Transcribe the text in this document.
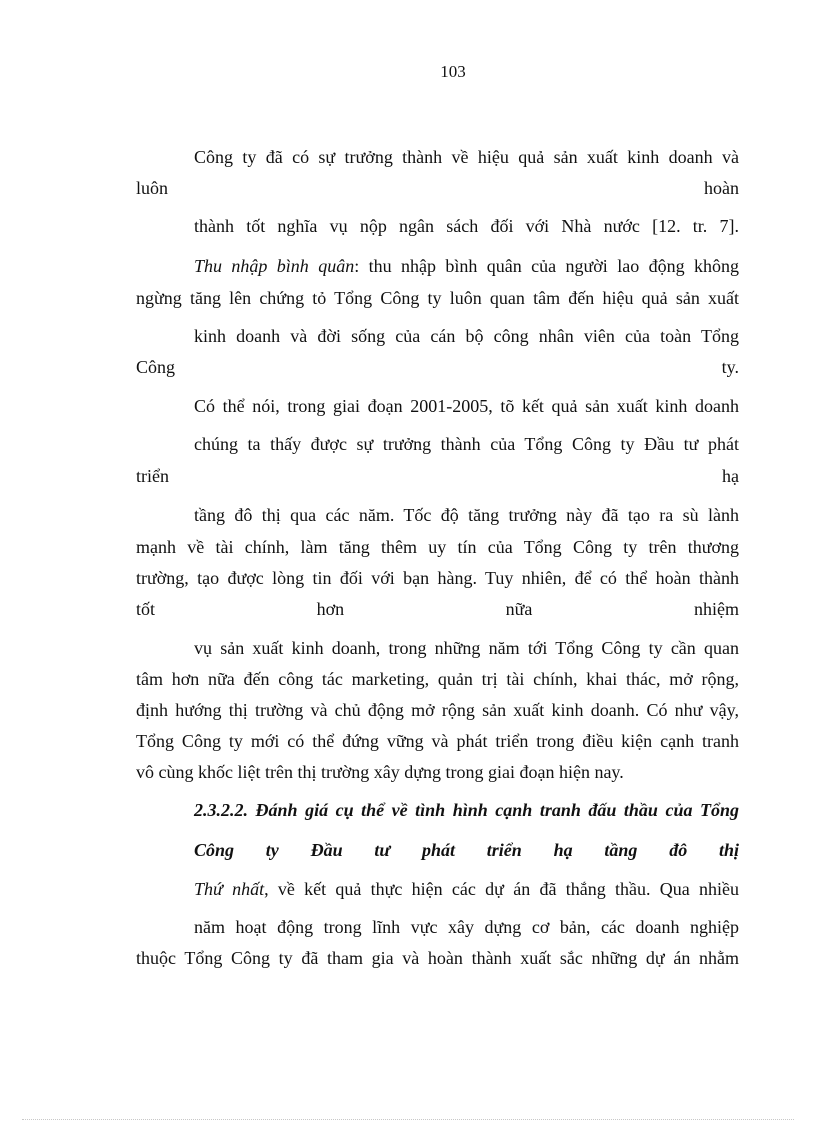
103
Công ty đã có sự trưởng thành về hiệu quả sản xuất kinh doanh và
luôn hoàn
thành tốt nghĩa vụ nộp ngân sách đối với Nhà nước [12. tr. 7].
Thu nhập bình quân: thu nhập bình quân của người lao động không
ngừng tăng lên chứng tỏ Tổng Công ty luôn quan tâm đến hiệu quả sản xuất
kinh doanh và đời sống của cán bộ công nhân viên của toàn Tổng
Công ty.
Có thể nói, trong giai đoạn 2001-2005, tõ kết quả sản xuất kinh doanh
chúng ta thấy được sự trưởng thành của Tổng Công ty Đầu tư phát
triển hạ
tầng đô thị qua các năm. Tốc độ tăng trưởng này đã tạo ra sù lành
mạnh về tài chính, làm tăng thêm uy tín của Tổng Công ty trên thương
trường, tạo được lòng tin đối với bạn hàng. Tuy nhiên, để có thể hoàn thành
tốt hơn nữa nhiệm
vụ sản xuất kinh doanh, trong những năm tới Tổng Công ty cần quan
tâm hơn nữa đến công tác marketing, quản trị tài chính, khai thác, mở rộng,
định hướng thị trường và chủ động mở rộng sản xuất kinh doanh. Có như vậy,
Tổng Công ty mới có thể đứng vững và phát triển trong điều kiện cạnh tranh
vô cùng khốc liệt trên thị trường xây dựng trong giai đoạn hiện nay.
2.3.2.2. Đánh giá cụ thể về tình hình cạnh tranh đấu thầu của Tổng
Công ty Đầu tư phát triển hạ tầng đô thị
Thứ nhất, về kết quả thực hiện các dự án đã thắng thầu. Qua nhiều
năm hoạt động trong lĩnh vực xây dựng cơ bản, các doanh nghiệp
thuộc Tổng Công ty đã tham gia và hoàn thành xuất sắc những dự án nhằm
